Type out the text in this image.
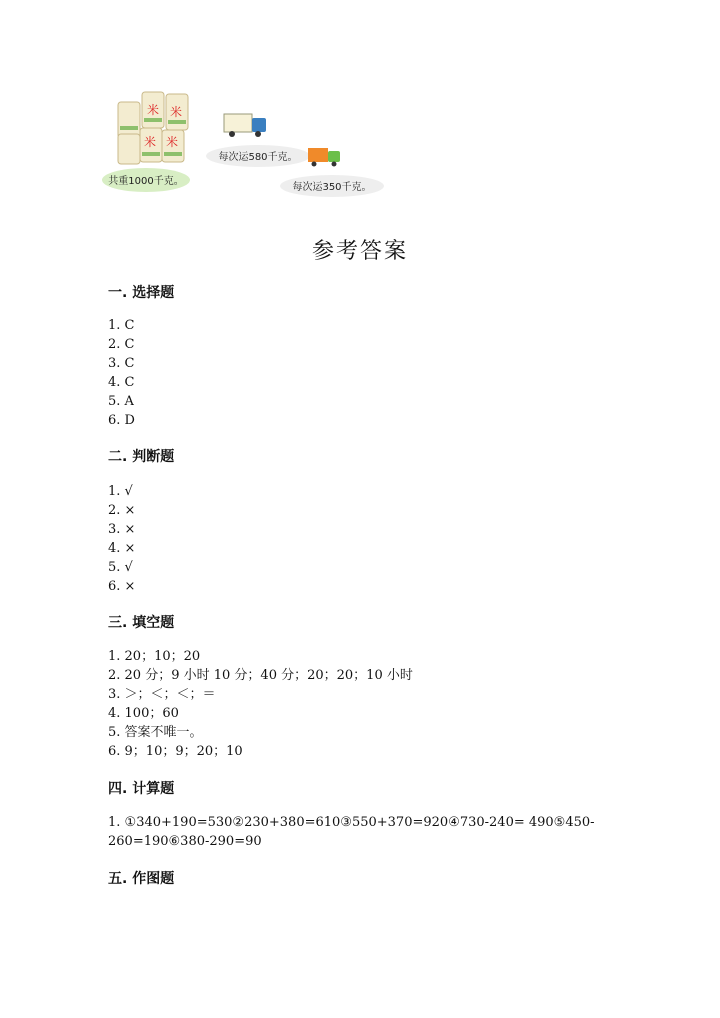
米 米
米 米
共重1000千克。
每次运580千克。
每次运350千克。
参考答案
一. 选择题
1. C
2. C
3. C
4. C
5. A
6. D
二. 判断题
1. √
2. ×
3. ×
4. ×
5. √
6. ×
三. 填空题
1. 20；10；20
2. 20 分；9 小时 10 分；40 分；20；20；10 小时
3. ＞；＜；＜；＝
4. 100；60
5. 答案不唯一。
6. 9；10；9；20；10
四. 计算题
1. ①340+190=530②230+380=610③550+370=920④730-240= 490⑤450-
260=190⑥380-290=90
五. 作图题
